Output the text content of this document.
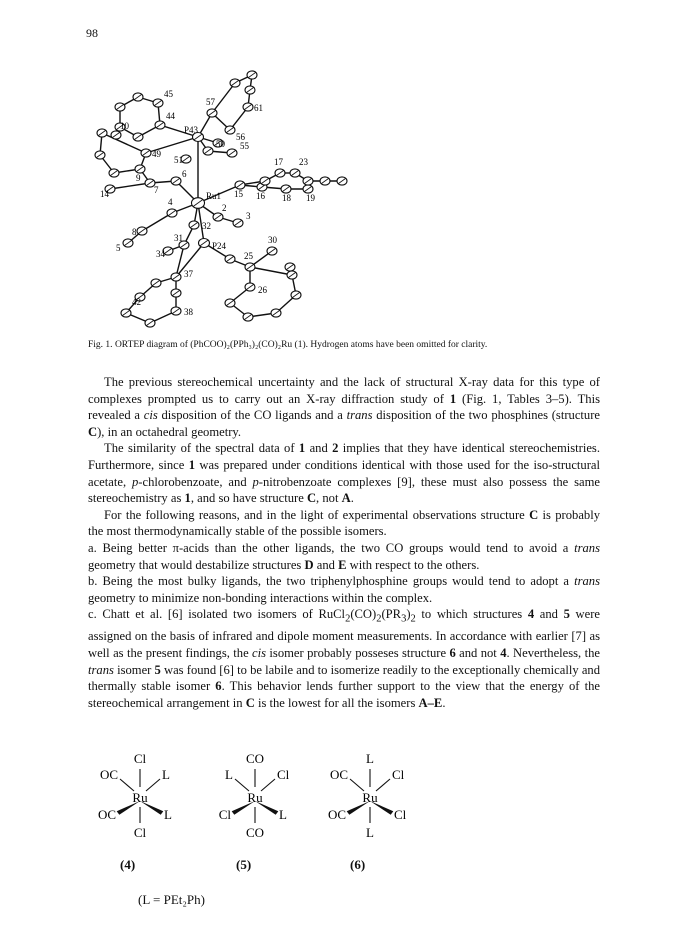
98
45
57
61
10
44
P43
56
50 55
49
51
9	6
17 23
14	Ru1	16 18 19
15
7
2
4
32
3
8
5
34
31
P24
30
25
37
42
26
38
Fig. 1. ORTEP diagram of (PhCOO)₂(PPh₃)₂(CO)₂Ru (1). Hydrogen atoms have been omitted for clarity.

The previous stereochemical uncertainty and the lack of structural X-ray data for this type of complexes prompted us to carry out an X-ray diffraction study of 1 (Fig. 1, Tables 3–5). This revealed a cis disposition of the CO ligands and a trans disposition of the two phosphines (structure C), in an octahedral geometry.

The similarity of the spectral data of 1 and 2 implies that they have identical stereochemistries. Furthermore, since 1 was prepared under conditions identical with those used for the iso-structural acetate, p-chlorobenzoate, and p-nitrobenzoate complexes [9], these must also possess the same stereochemistry as 1, and so have structure C, not A.

For the following reasons, and in the light of experimental observations structure C is probably the most thermodynamically stable of the possible isomers.

a. Being better π-acids than the other ligands, the two CO groups would tend to avoid a trans geometry that would destabilize structures D and E with respect to the others.

b. Being the most bulky ligands, the two triphenylphosphine groups would tend to adopt a trans geometry to minimize non-bonding interactions within the complex.

c. Chatt et al. [6] isolated two isomers of $RuCl_2(CO)_2(PR_3)_2$ to which structures 4 and 5 were assigned on the basis of infrared and dipole moment measurements. In accordance with earlier [7] as well as the present findings, the cis isomer probably posseses structure 6 and not 4. Nevertheless, the trans isomer 5 was found [6] to be labile and to isomerize readily to the exceptionally chemically and thermally stable isomer 6. This behavior lends further support to the view that the energy of the stereochemical arrangement in C is the lowest for all the isomers A–E.

Cl
Ru
Cl
OC	L
OC	L
CO
Ru
CO
L	Cl
Cl	L
L
Ru
L
OC	Cl
OC	Cl
(4)	(5)	(6)
(L = PEt₂Ph)
